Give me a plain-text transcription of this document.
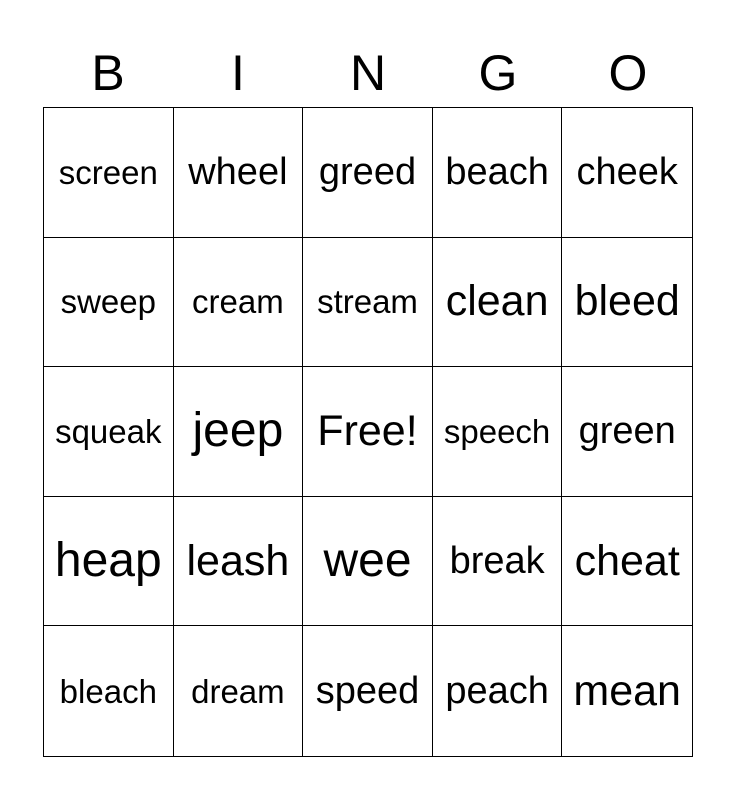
B	I	N	G	O
screen wheel greed beach cheek
sweep	cream	stream clean bleed
squeak jeep Free! speech green
heap leash wee	break cheat
bleach	dream speed peach mean
